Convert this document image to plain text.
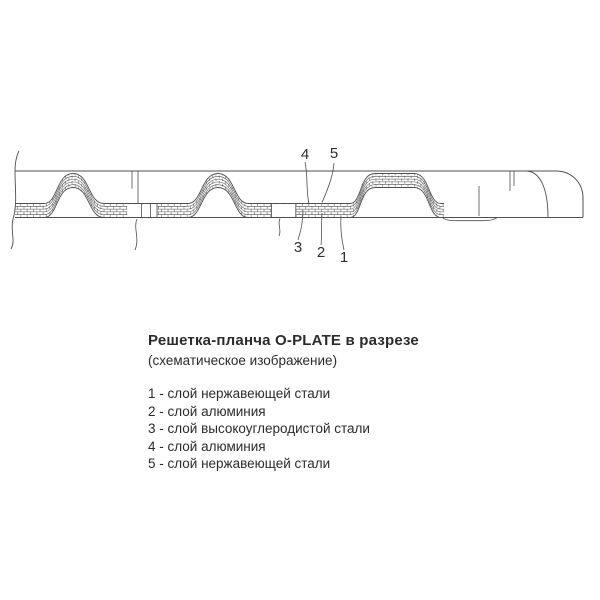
4 5
3 2 1
Решетка-планча O-PLATE в разрезе
(схематическое изображение)
1 - слой нержавеющей стали
2 - слой алюминия
3 - слой высокоуглеродистой стали
4 - слой алюминия
5 - слой нержавеющей стали
